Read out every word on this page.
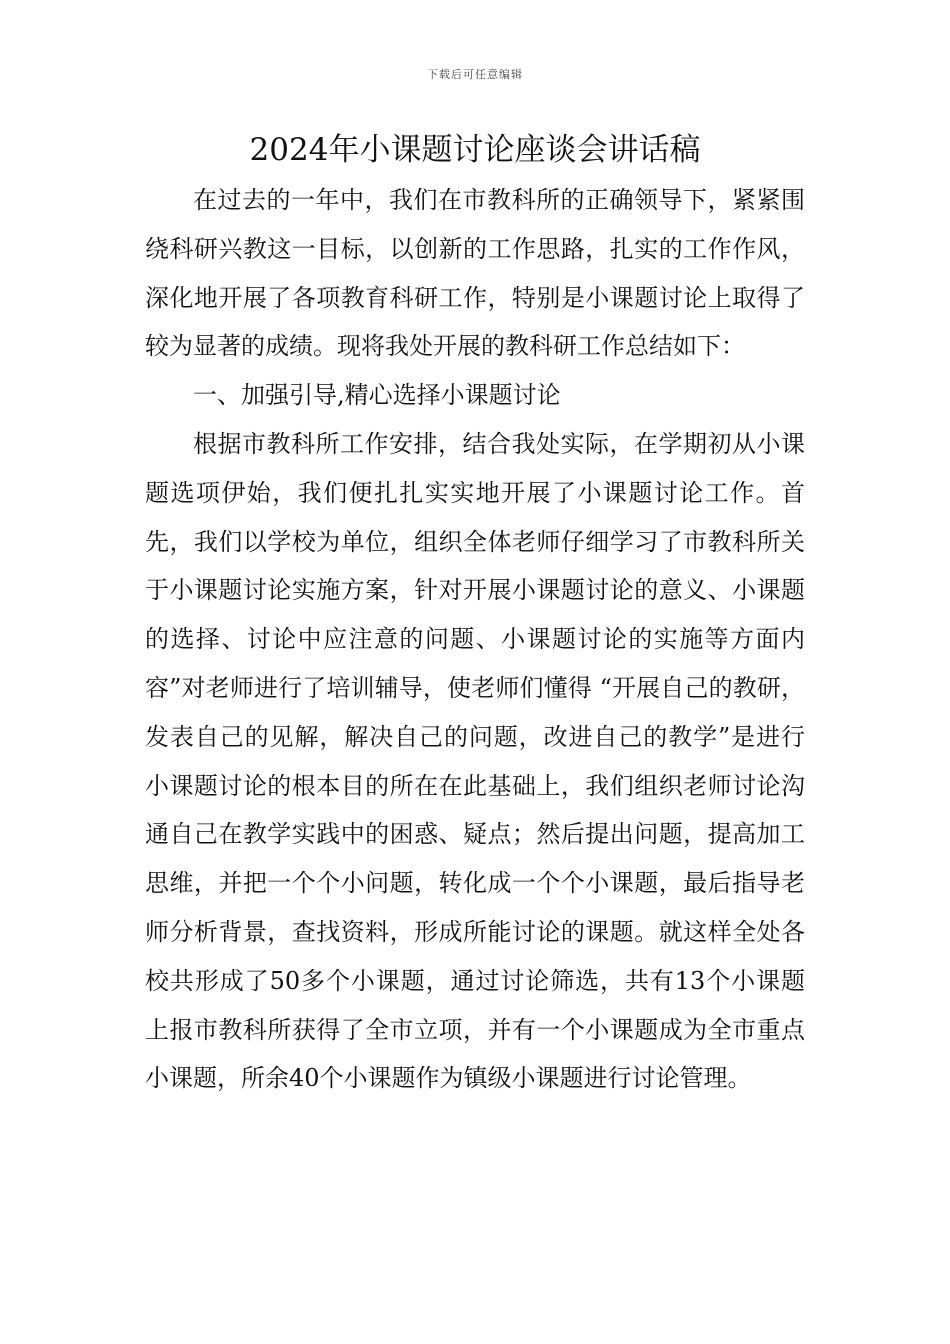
下载后可任意编辑
2024年小课题讨论座谈会讲话稿

在过去的一年中，我们在市教科所的正确领导下，紧紧围绕科研兴教这一目标，以创新的工作思路，扎实的工作作风，深化地开展了各项教育科研工作，特别是小课题讨论上取得了较为显著的成绩。现将我处开展的教科研工作总结如下：

一、加强引导,精心选择小课题讨论

根据市教科所工作安排，结合我处实际，在学期初从小课题选项伊始，我们便扎扎实实地开展了小课题讨论工作。首先，我们以学校为单位，组织全体老师仔细学习了市教科所关于小课题讨论实施方案，针对开展小课题讨论的意义、小课题的选择、讨论中应注意的问题、小课题讨论的实施等方面内容”对老师进行了培训辅导，使老师们懂得 “开展自己的教研，发表自己的见解，解决自己的问题，改进自己的教学”是进行小课题讨论的根本目的所在在此基础上，我们组织老师讨论沟通自己在教学实践中的困惑、疑点；然后提出问题，提高加工思维，并把一个个小问题，转化成一个个小课题，最后指导老师分析背景，查找资料，形成所能讨论的课题。就这样全处各校共形成了50多个小课题，通过讨论筛选，共有13个小课题上报市教科所获得了全市立项，并有一个小课题成为全市重点小课题，所余40个小课题作为镇级小课题进行讨论管理。
